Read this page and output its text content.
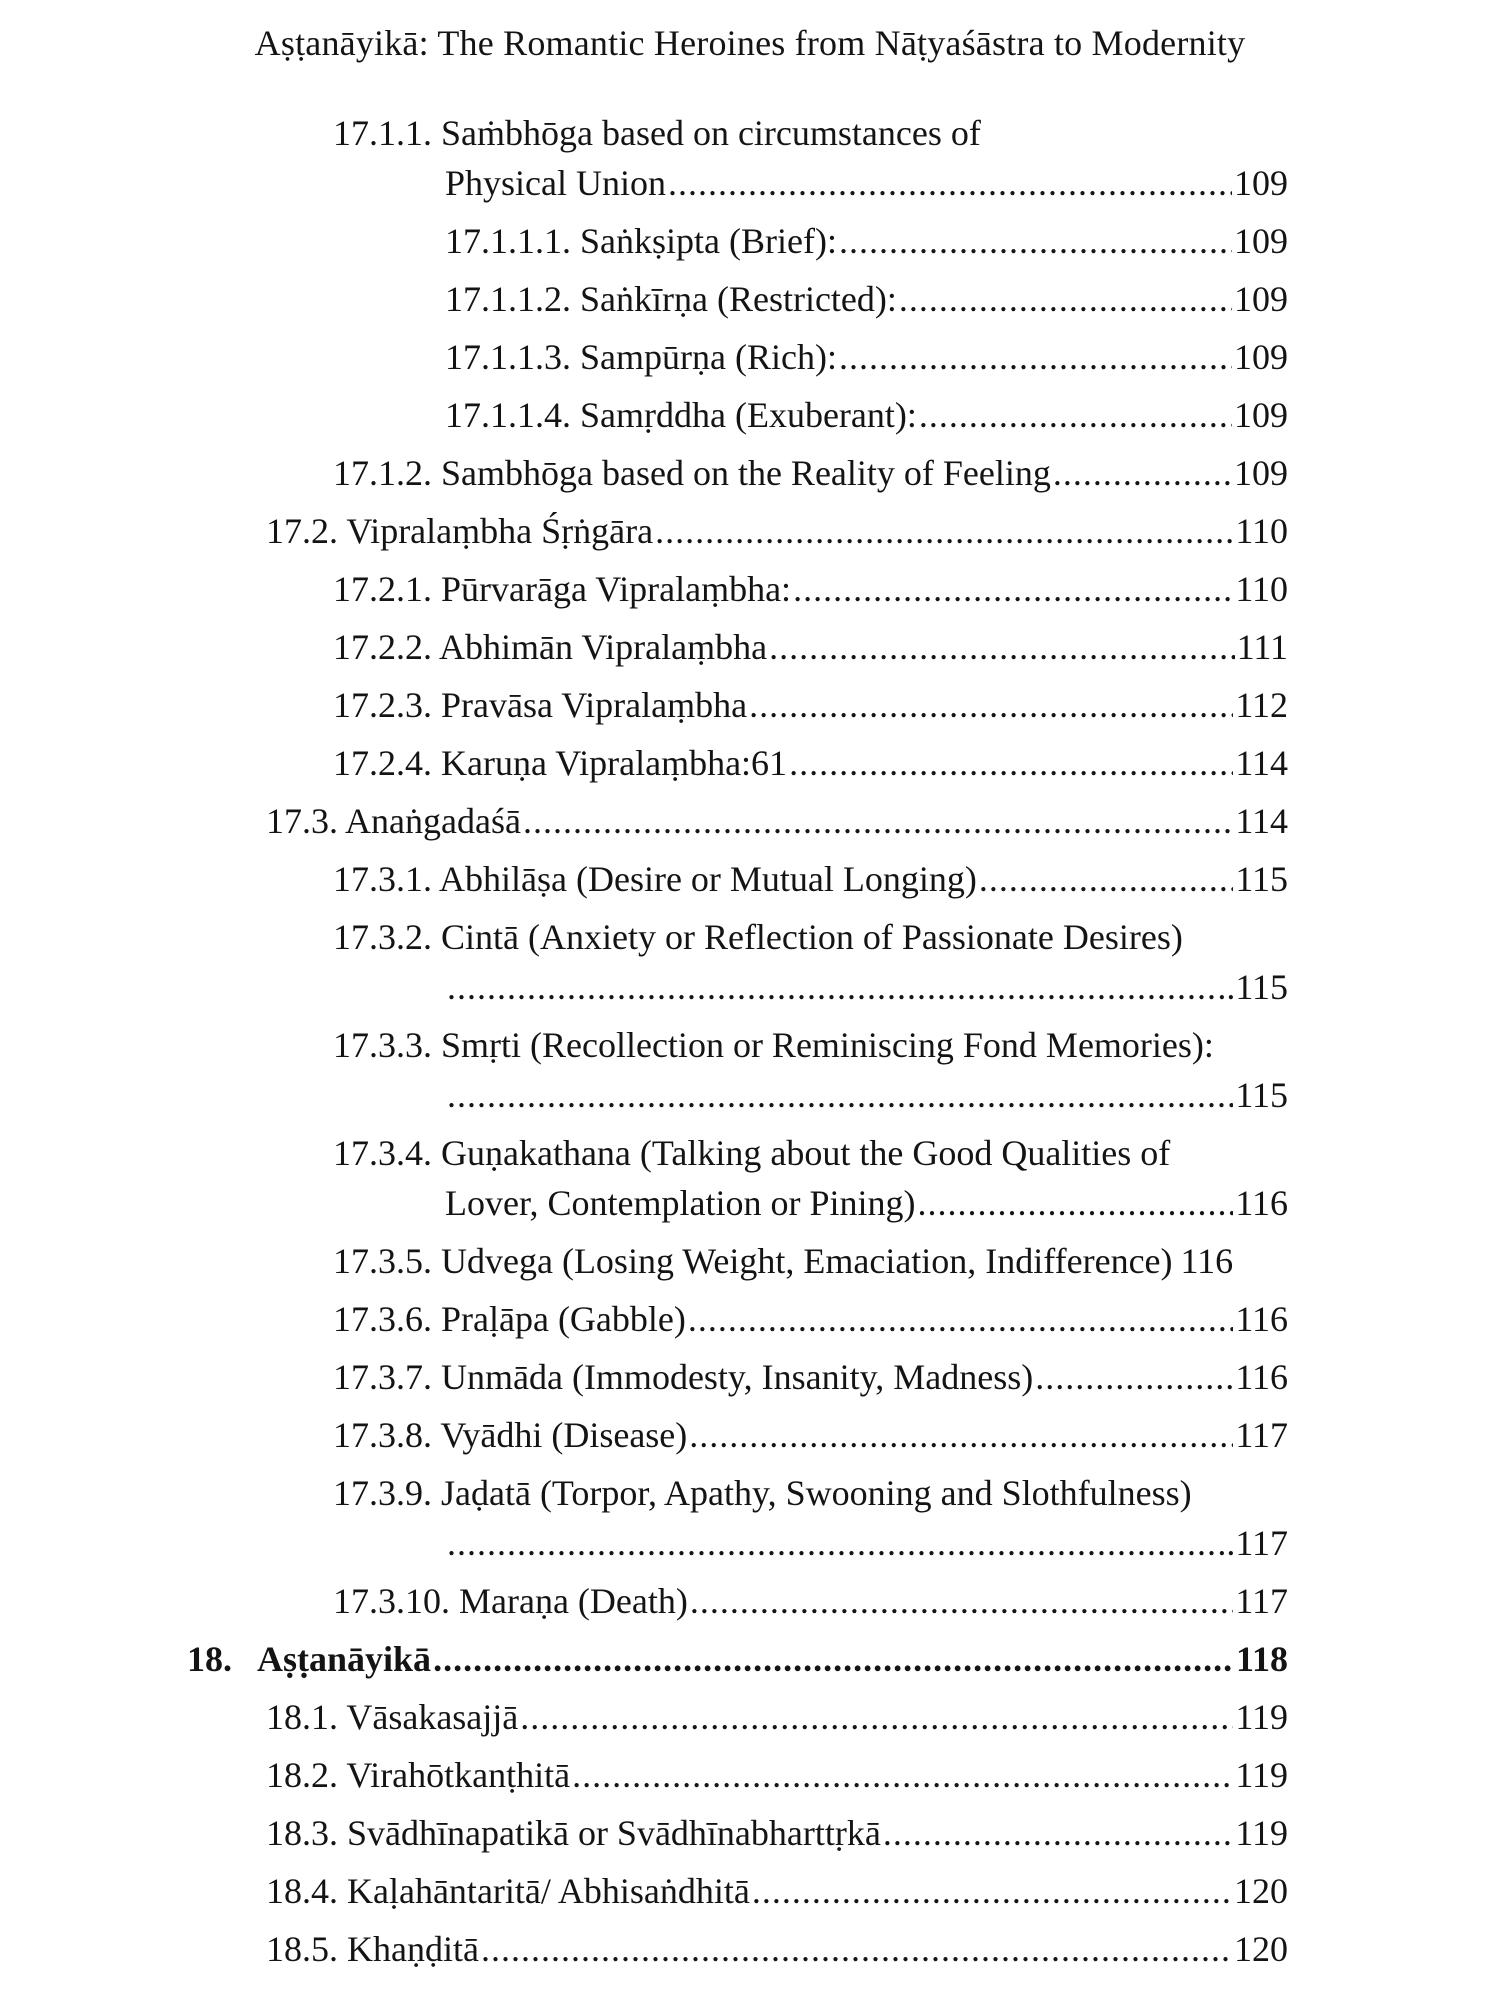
Aṣṭanāyikā: The Romantic Heroines from Nāṭyaśāstra to Modernity
17.1.1. Saṁbhōga based on circumstances of
Physical Union .....	109
17.1.1.1. Saṅkṣipta (Brief): .....	109
17.1.1.2. Saṅkīrṇa (Restricted): .....	109
17.1.1.3. Sampūrṇa (Rich): .....	109
17.1.1.4. Samṛddha (Exuberant): .....	109
17.1.2. Sambhōga based on the Reality of Feeling .....	109
17.2. Vipralaṃbha Śṛṅgāra .....	110
17.2.1. Pūrvarāga Vipralaṃbha: .....	110
17.2.2. Abhimān Vipralaṃbha .....	111
17.2.3. Pravāsa Vipralaṃbha .....	112
17.2.4. Karuṇa Vipralaṃbha:61 .....	114
17.3. Anaṅgadaśā .....	114
17.3.1. Abhilāṣa (Desire or Mutual Longing) .....	115
17.3.2. Cintā (Anxiety or Reflection of Passionate Desires)
.....
..115
17.3.3. Smṛti (Recollection or Reminiscing Fond Memories):
.....
115
17.3.4. Guṇakathana (Talking about the Good Qualities of
Lover, Contemplation or Pining) .....	116
17.3.5. Udvega (Losing Weight, Emaciation, Indifference) 116
17.3.6. Praḷāpa (Gabble) .....	116
17.3.7. Unmāda (Immodesty, Insanity, Madness) .....	116
17.3.8. Vyādhi (Disease) .....	117
17.3.9. Jaḍatā (Torpor, Apathy, Swooning and Slothfulness)
.....
..117
17.3.10. Maraṇa (Death) .....	117
18.   Aṣṭanāyikā .....	118
18.1. Vāsakasajjā .....	119
18.2. Virahōtkanṭhitā .....	119
18.3. Svādhīnapatikā or Svādhīnabharttṛkā .....	119
18.4. Kaḷahāntaritā/ Abhisaṅdhitā .....	120
18.5. Khaṇḍitā .....	120
